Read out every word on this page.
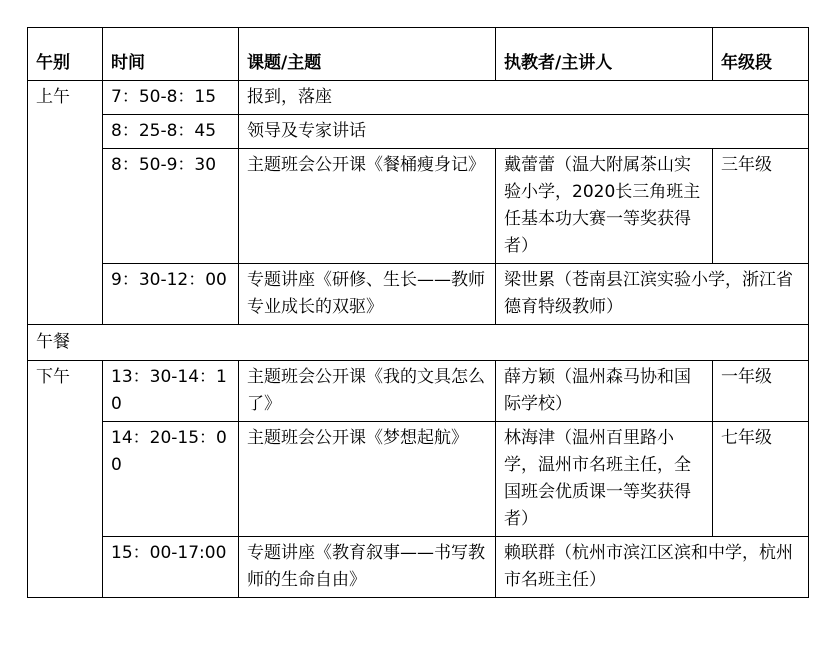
午别	时间	课题/主题	执教者/主讲人	年级段
上午	7：50-8：15	报到，落座		
	8：25-8：45	领导及专家讲话		
	8：50-9：30	主题班会公开课《餐桶瘦身记》	戴蕾蕾（温大附属茶山实验小学，2020长三角班主任基本功大赛一等奖获得者）	三年级
	9：30-12：00	专题讲座《研修、生长——教师专业成长的双驱》	梁世累（苍南县江滨实验小学，浙江省德育特级教师）	
午餐				
下午	13：30-14：10	主题班会公开课《我的文具怎么了》	薛方颖（温州森马协和国际学校）	一年级
	14：20-15：00	主题班会公开课《梦想起航》	林海津（温州百里路小学，温州市名班主任，全国班会优质课一等奖获得者）	七年级
	15：00-17:00	专题讲座《教育叙事——书写教师的生命自由》	赖联群（杭州市滨江区滨和中学，杭州市名班主任）	
